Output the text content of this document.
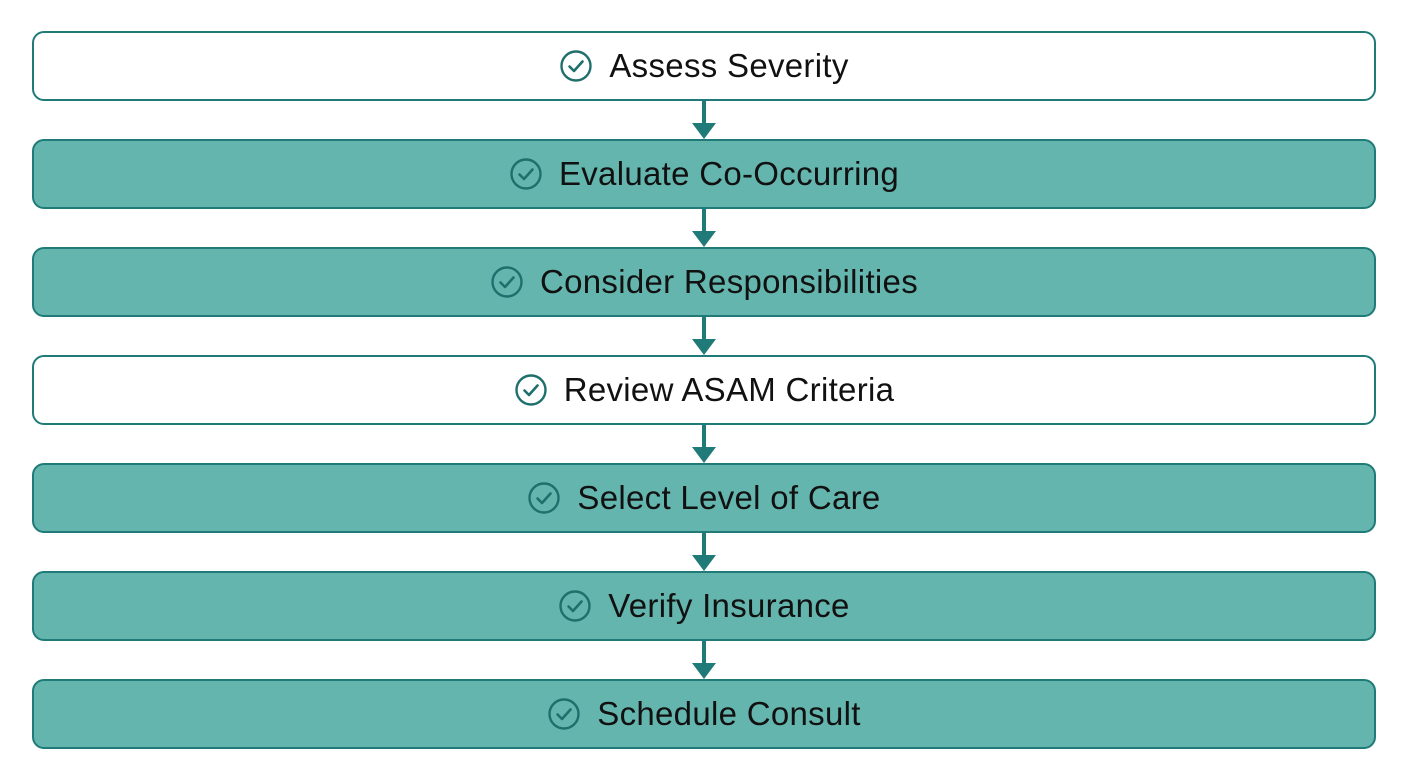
Assess Severity
Evaluate Co-Occurring
Consider Responsibilities
Review ASAM Criteria
Select Level of Care
Verify Insurance
Schedule Consult
